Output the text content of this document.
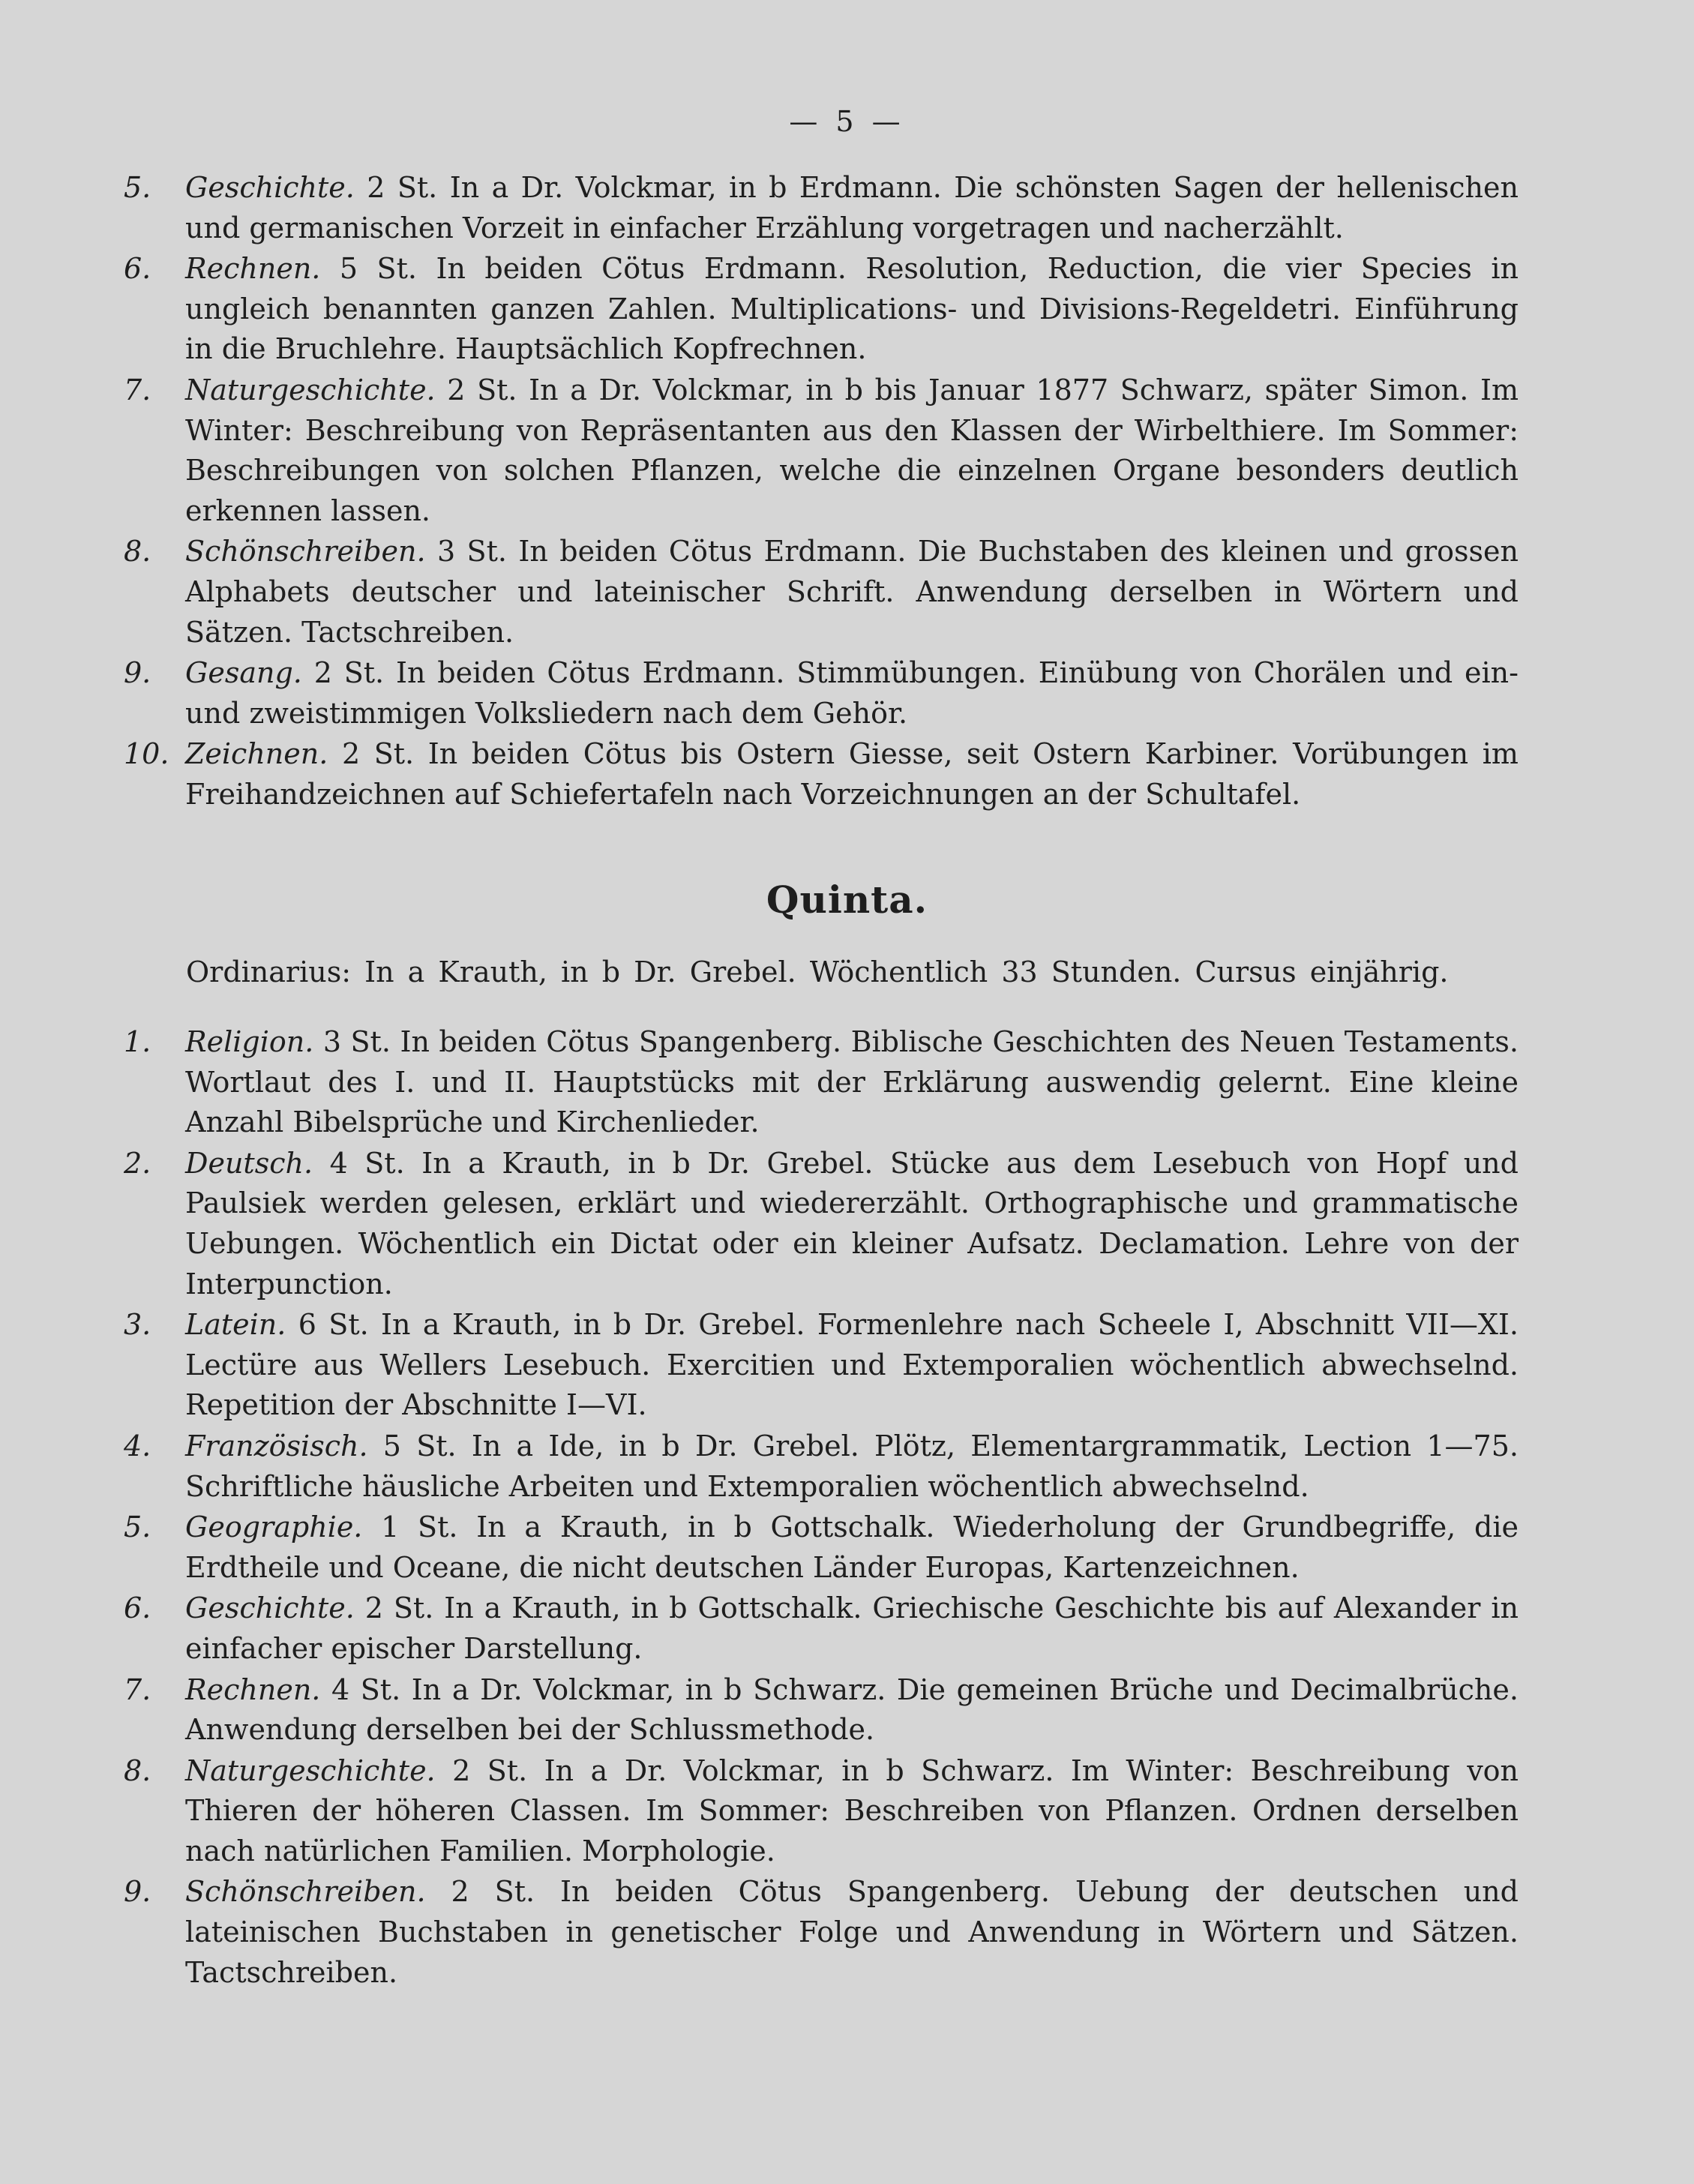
— 5 —
5.	Geschichte. 2 St. In a Dr. Volckmar, in b Erdmann. Die schönsten Sagen der hellenischen und germanischen Vorzeit in einfacher Erzählung vorgetragen und nacherzählt.
6.	Rechnen. 5 St. In beiden Cötus Erdmann. Resolution, Reduction, die vier Species in ungleich benannten ganzen Zahlen. Multiplications- und Divisions-Regeldetri. Einführung in die Bruchlehre. Hauptsächlich Kopfrechnen.
7.	Naturgeschichte. 2 St. In a Dr. Volckmar, in b bis Januar 1877 Schwarz, später Simon. Im Winter: Beschreibung von Repräsentanten aus den Klassen der Wirbelthiere. Im Sommer: Beschreibungen von solchen Pflanzen, welche die einzelnen Organe besonders deutlich erkennen lassen.
8.	Schönschreiben. 3 St. In beiden Cötus Erdmann. Die Buchstaben des kleinen und grossen Alphabets deutscher und lateinischer Schrift. Anwendung derselben in Wörtern und Sätzen. Tactschreiben.
9.	Gesang. 2 St. In beiden Cötus Erdmann. Stimmübungen. Einübung von Chorälen und ein- und zweistimmigen Volksliedern nach dem Gehör.
10. Zeichnen. 2 St. In beiden Cötus bis Ostern Giesse, seit Ostern Karbiner. Vorübungen im Freihandzeichnen auf Schiefertafeln nach Vorzeichnungen an der Schultafel.
Quinta.
Ordinarius: In a Krauth, in b Dr. Grebel. Wöchentlich 33 Stunden. Cursus einjährig.
1.	Religion. 3 St. In beiden Cötus Spangenberg. Biblische Geschichten des Neuen Testaments. Wortlaut des I. und II. Hauptstücks mit der Erklärung auswendig gelernt. Eine kleine Anzahl Bibelsprüche und Kirchenlieder.
2.	Deutsch. 4 St. In a Krauth, in b Dr. Grebel. Stücke aus dem Lesebuch von Hopf und Paulsiek werden gelesen, erklärt und wiedererzählt. Orthographische und grammatische Uebungen. Wöchentlich ein Dictat oder ein kleiner Aufsatz. Declamation. Lehre von der Interpunction.
3.	Latein. 6 St. In a Krauth, in b Dr. Grebel. Formenlehre nach Scheele I, Abschnitt VII—XI. Lectüre aus Wellers Lesebuch. Exercitien und Extemporalien wöchentlich abwechselnd. Repetition der Abschnitte I—VI.
4.	Französisch. 5 St. In a Ide, in b Dr. Grebel. Plötz, Elementargrammatik, Lection 1—75. Schriftliche häusliche Arbeiten und Extemporalien wöchentlich abwechselnd.
5.	Geographie. 1 St. In a Krauth, in b Gottschalk. Wiederholung der Grundbegriffe, die Erdtheile und Oceane, die nicht deutschen Länder Europas, Kartenzeichnen.
6.	Geschichte. 2 St. In a Krauth, in b Gottschalk. Griechische Geschichte bis auf Alexander in einfacher epischer Darstellung.
7.	Rechnen. 4 St. In a Dr. Volckmar, in b Schwarz. Die gemeinen Brüche und Decimalbrüche. Anwendung derselben bei der Schlussmethode.
8.	Naturgeschichte. 2 St. In a Dr. Volckmar, in b Schwarz. Im Winter: Beschreibung von Thieren der höheren Classen. Im Sommer: Beschreiben von Pflanzen. Ordnen derselben nach natürlichen Familien. Morphologie.
9.	Schönschreiben. 2 St. In beiden Cötus Spangenberg. Uebung der deutschen und lateinischen Buchstaben in genetischer Folge und Anwendung in Wörtern und Sätzen. Tactschreiben.
